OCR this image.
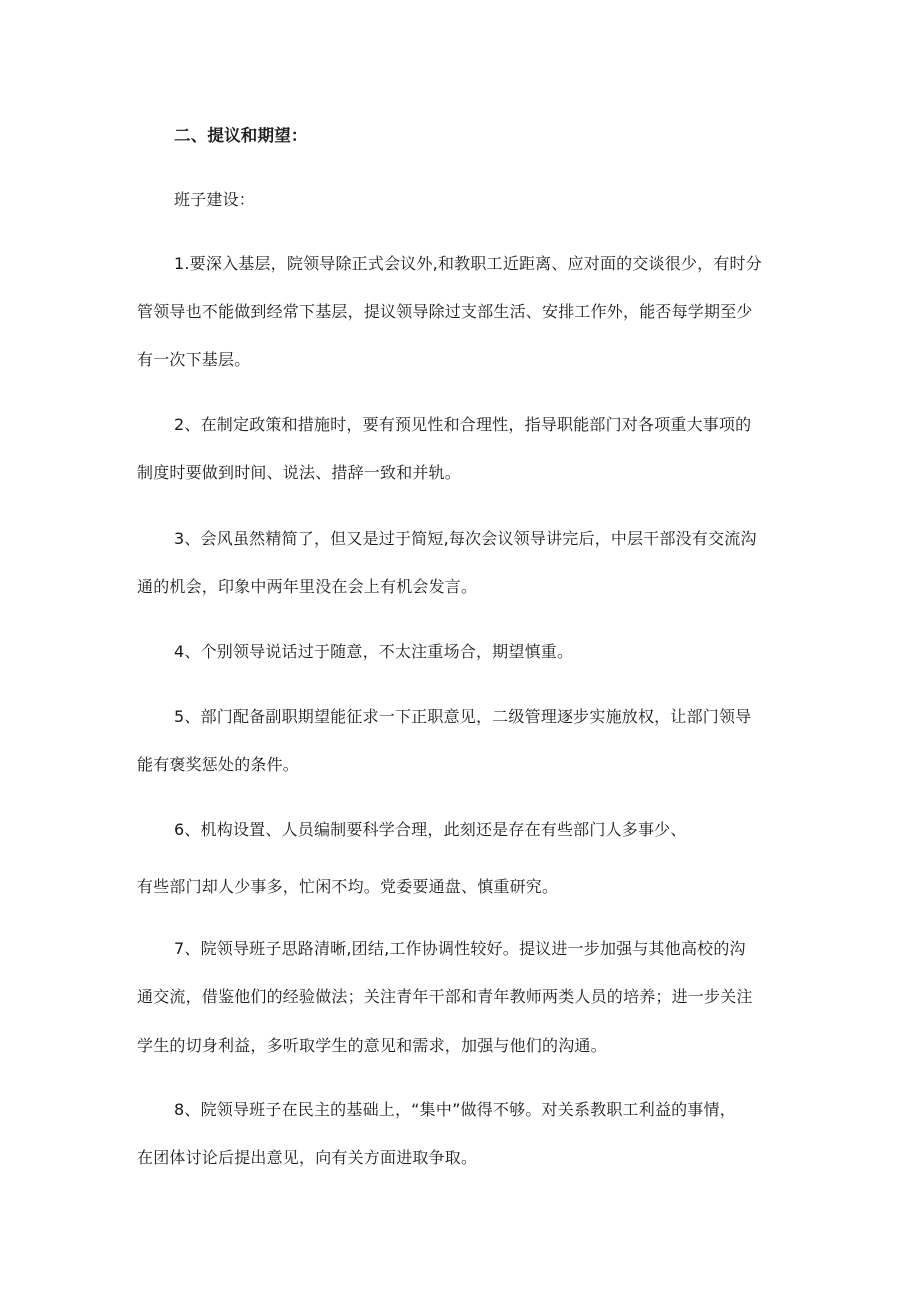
二、提议和期望：
班子建设：
1.要深入基层，院领导除正式会议外,和教职工近距离、应对面的交谈很少，有时分
管领导也不能做到经常下基层，提议领导除过支部生活、安排工作外，能否每学期至少
有一次下基层。
2、在制定政策和措施时，要有预见性和合理性，指导职能部门对各项重大事项的
制度时要做到时间、说法、措辞一致和并轨。
3、会风虽然精简了，但又是过于简短,每次会议领导讲完后，中层干部没有交流沟
通的机会，印象中两年里没在会上有机会发言。
4、个别领导说话过于随意，不太注重场合，期望慎重。
5、部门配备副职期望能征求一下正职意见，二级管理逐步实施放权，让部门领导
能有褒奖惩处的条件。
6、机构设置、人员编制要科学合理，此刻还是存在有些部门人多事少、
有些部门却人少事多，忙闲不均。党委要通盘、慎重研究。
7、院领导班子思路清晰,团结,工作协调性较好。提议进一步加强与其他高校的沟
通交流，借鉴他们的经验做法；关注青年干部和青年教师两类人员的培养；进一步关注
学生的切身利益，多听取学生的意见和需求，加强与他们的沟通。
8、院领导班子在民主的基础上，“集中”做得不够。对关系教职工利益的事情，
在团体讨论后提出意见，向有关方面进取争取。
